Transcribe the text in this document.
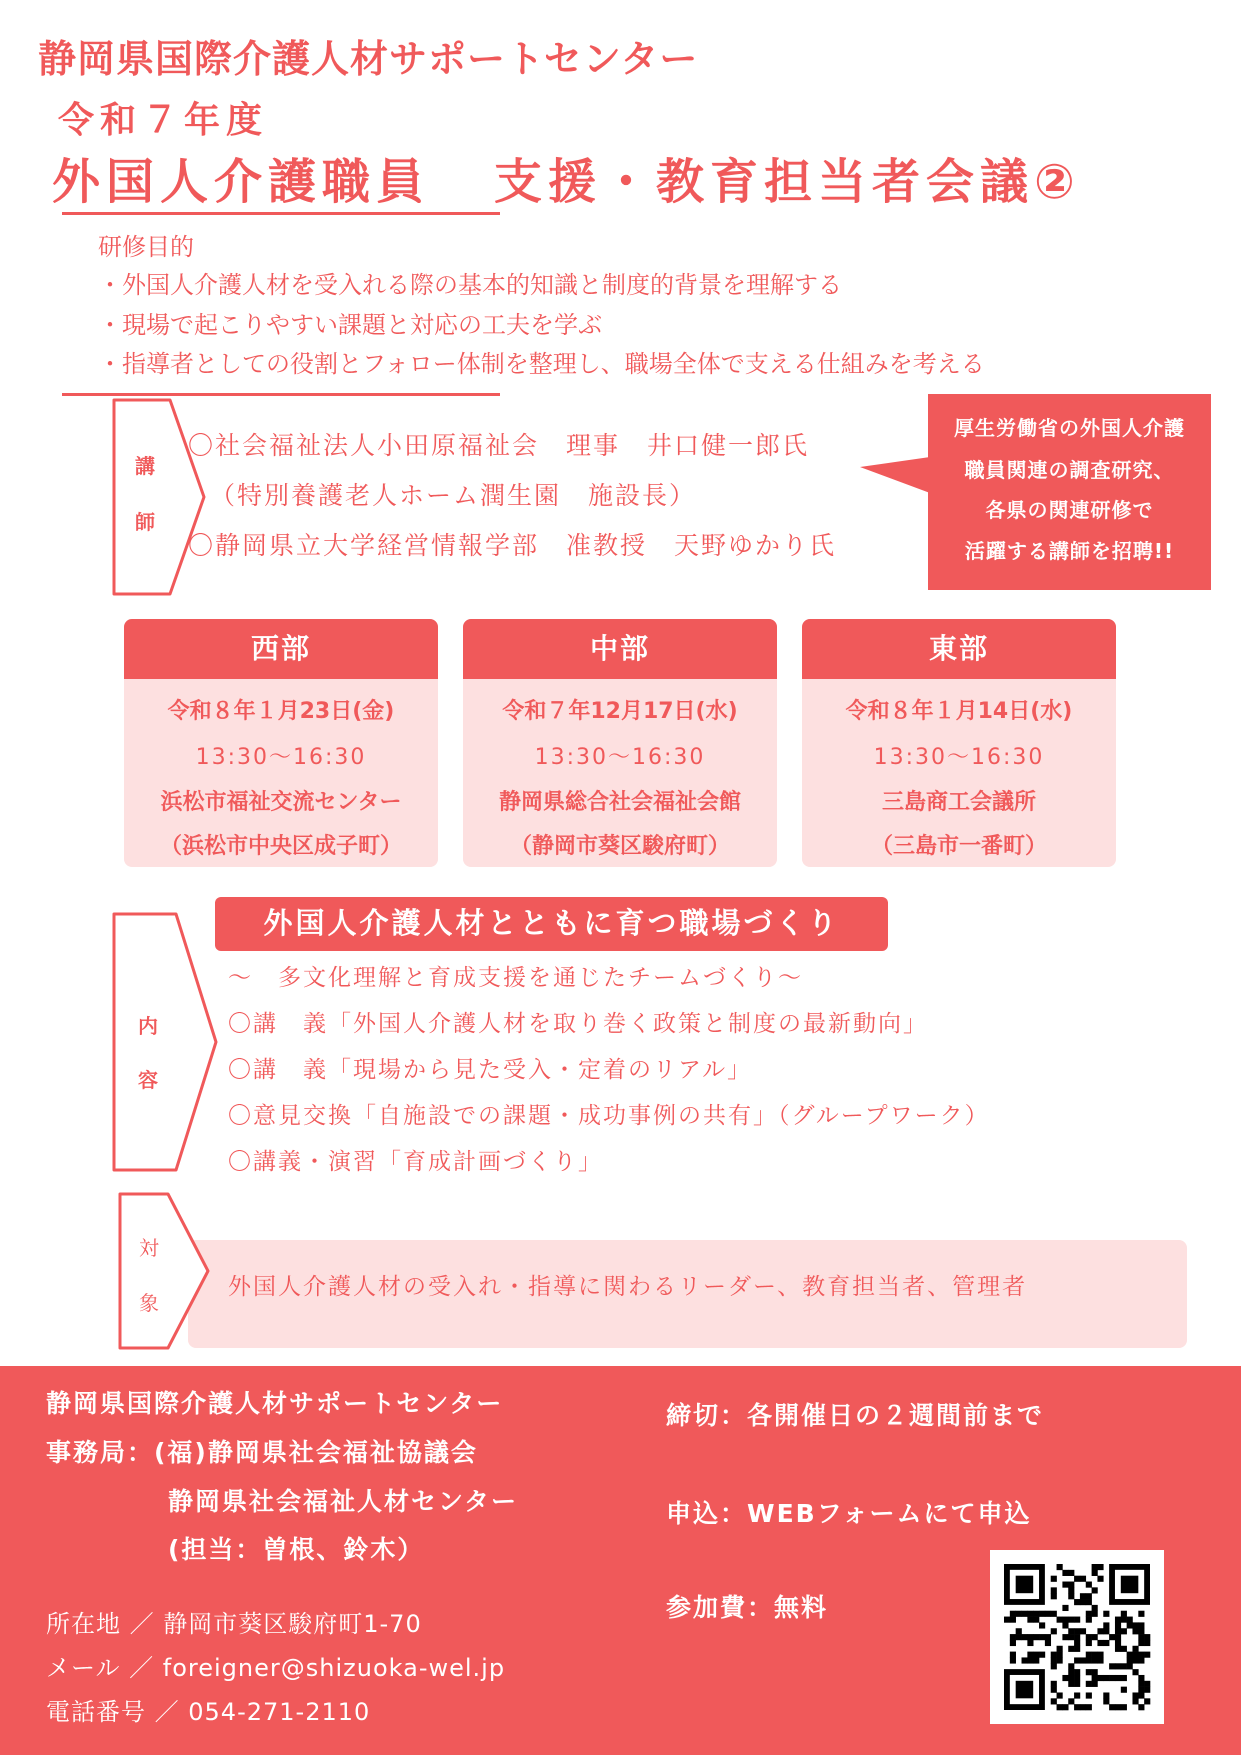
静岡県国際介護人材サポートセンター
令和７年度
外国人介護職員 支援・教育担当者会議②
研修目的
・外国人介護人材を受入れる際の基本的知識と制度的背景を理解する
・現場で起こりやすい課題と対応の工夫を学ぶ
・指導者としての役割とフォロー体制を整理し、職場全体で支える仕組みを考える
講
師
〇社会福祉法人小田原福祉会　理事　井口健一郎氏
（特別養護老人ホーム潤生園　施設長）
〇静岡県立大学経営情報学部　准教授　天野ゆかり氏
厚生労働省の外国人介護
職員関連の調査研究、
各県の関連研修で
活躍する講師を招聘!!
西部
令和８年１月23日(金)
13:30〜16:30
浜松市福祉交流センター
（浜松市中央区成子町）
中部
令和７年12月17日(水)
13:30〜16:30
静岡県総合社会福祉会館
（静岡市葵区駿府町）
東部
令和８年１月14日(水)
13:30〜16:30
三島商工会議所
（三島市一番町）
内
容
外国人介護人材とともに育つ職場づくり
〜　多文化理解と育成支援を通じたチームづくり〜
〇講　義「外国人介護人材を取り巻く政策と制度の最新動向」
〇講　義「現場から見た受入・定着のリアル」
〇意見交換「自施設での課題・成功事例の共有」（グループワーク）
〇講義・演習「育成計画づくり」
対
象
外国人介護人材の受入れ・指導に関わるリーダー、教育担当者、管理者
静岡県国際介護人材サポートセンター
事務局：(福)静岡県社会福祉協議会
静岡県社会福祉人材センター
(担当：曽根、鈴木）
所在地 ／ 静岡市葵区駿府町1-70
メール ／ foreigner@shizuoka-wel.jp
電話番号 ／ 054-271-2110
締切：各開催日の２週間前まで
申込：WEBフォームにて申込
参加費：無料
